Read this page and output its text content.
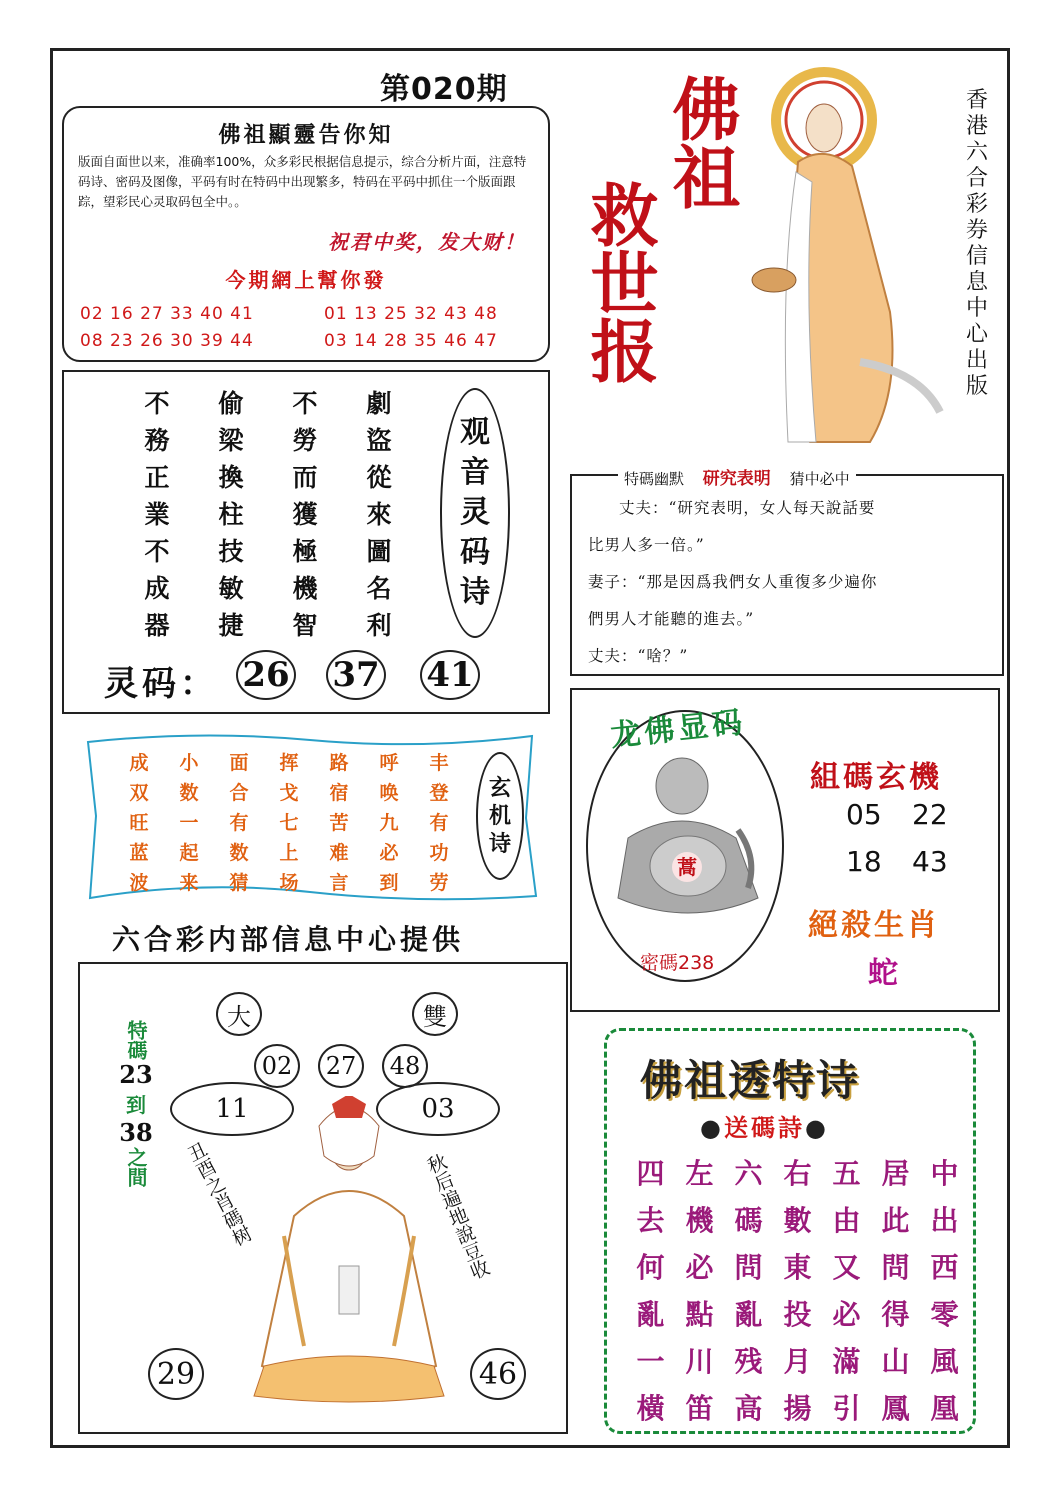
第020期
佛祖顯靈告你知
版面自面世以来，准确率100%，众多彩民根据信息提示，综合分析片面，注意特码诗、密码及图像，平码有时在特码中出现繁多，特码在平码中抓住一个版面跟踪，望彩民心灵取码包全中。。
祝君中奖，发大财！
今期網上幫你發
02 16 27 33 40 41	01 13 25 32 43 48
08 23 26 30 39 44	03 14 28 35 46 47
不	偷	不	劇
務	梁	勞	盜
正	換	而	從
業	柱	獲	來
不	技	極	圖
成	敏	機	名
器	捷	智	利
观
音
灵
码
诗
灵码： 26 37 41
成	小	面	挥	路	呼	丰
双	数	合	戈	宿	唤	登
旺	一	有	七	苦	九	有
蓝	起	数	上	难	必	功
波	来	猜	场	言	到	劳
玄
机
诗
六合彩内部信息中心提供
大	雙
02	27	48
11	03
特碼
23
到
38
之間 丑酉之肖碼树	秋后遍地說豆收
29	46
佛祖
救世报
香港六合彩券信息中心出版
特碼幽默 研究表明 猜中必中
丈夫：“研究表明，女人每天說話要
比男人多一倍。”
妻子：“那是因爲我們女人重復多少遍你
們男人才能聽的進去。”
丈夫：“啥？”
龙佛显码
蒿
密碼238
組碼玄機
05 22
18 43
絕殺生肖
蛇
佛祖透特诗
●送碼詩●
四 左 六 右 五 居 中
去 機 碼 數 由 此 出
何 必 問 東 又 問 西
亂 點 亂 投 必 得 零
一 川 残 月 滿 山 風
橫 笛 高 揚 引 鳳 凰
